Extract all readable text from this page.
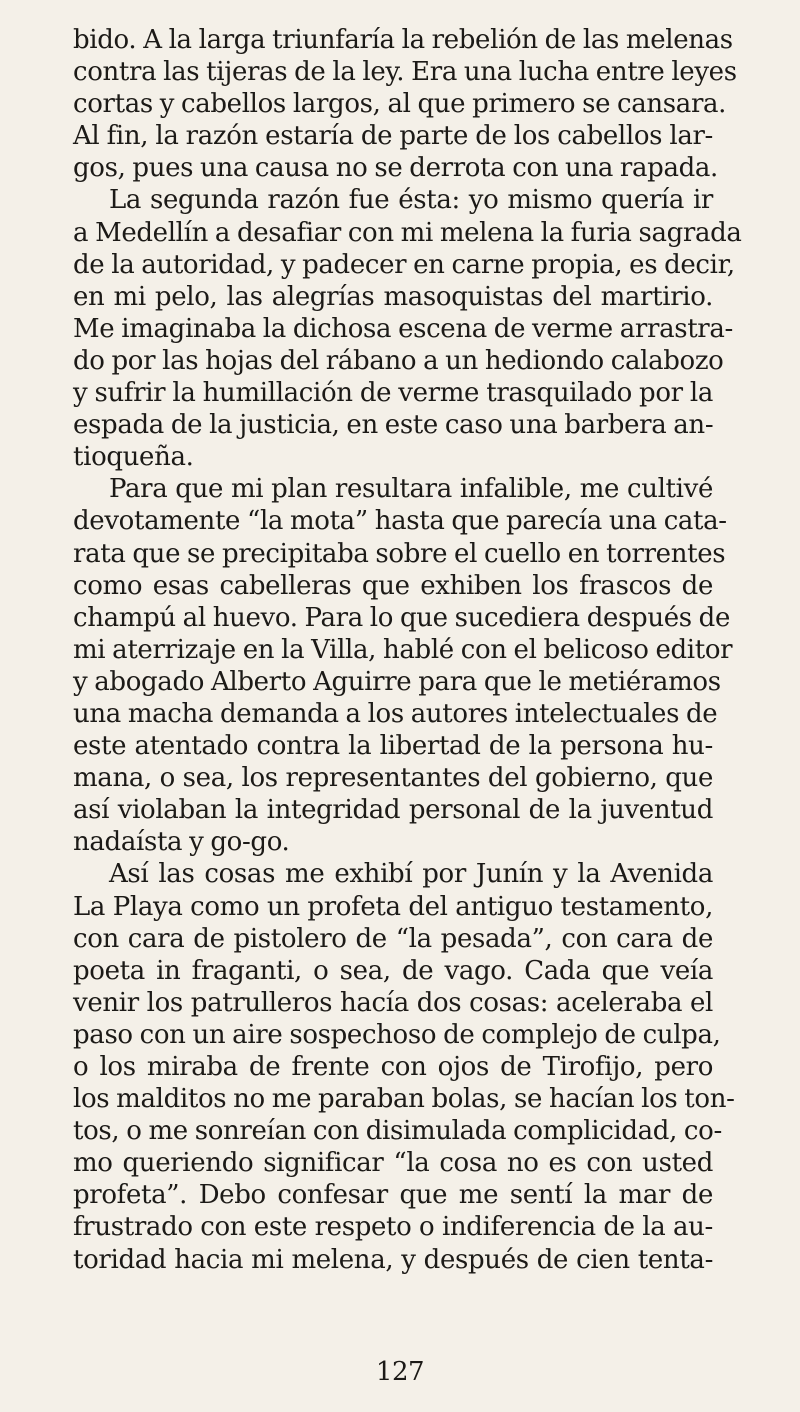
bido. A la larga triunfaría la rebelión de las melenas
contra las tijeras de la ley. Era una lucha entre leyes
cortas y cabellos largos, al que primero se cansara.
Al fin, la razón estaría de parte de los cabellos lar-
gos, pues una causa no se derrota con una rapada.
La segunda razón fue ésta: yo mismo quería ir
a Medellín a desafiar con mi melena la furia sagrada
de la autoridad, y padecer en carne propia, es decir,
en mi pelo, las alegrías masoquistas del martirio.
Me imaginaba la dichosa escena de verme arrastra-
do por las hojas del rábano a un hediondo calabozo
y sufrir la humillación de verme trasquilado por la
espada de la justicia, en este caso una barbera an-
tioqueña.
Para que mi plan resultara infalible, me cultivé
devotamente “la mota” hasta que parecía una cata-
rata que se precipitaba sobre el cuello en torrentes
como esas cabelleras que exhiben los frascos de
champú al huevo. Para lo que sucediera después de
mi aterrizaje en la Villa, hablé con el belicoso editor
y abogado Alberto Aguirre para que le metiéramos
una macha demanda a los autores intelectuales de
este atentado contra la libertad de la persona hu-
mana, o sea, los representantes del gobierno, que
así violaban la integridad personal de la juventud
nadaísta y go-go.
Así las cosas me exhibí por Junín y la Avenida
La Playa como un profeta del antiguo testamento,
con cara de pistolero de “la pesada”, con cara de
poeta in fraganti, o sea, de vago. Cada que veía
venir los patrulleros hacía dos cosas: aceleraba el
paso con un aire sospechoso de complejo de culpa,
o los miraba de frente con ojos de Tirofijo, pero
los malditos no me paraban bolas, se hacían los ton-
tos, o me sonreían con disimulada complicidad, co-
mo queriendo significar “la cosa no es con usted
profeta”. Debo confesar que me sentí la mar de
frustrado con este respeto o indiferencia de la au-
toridad hacia mi melena, y después de cien tenta-
127
